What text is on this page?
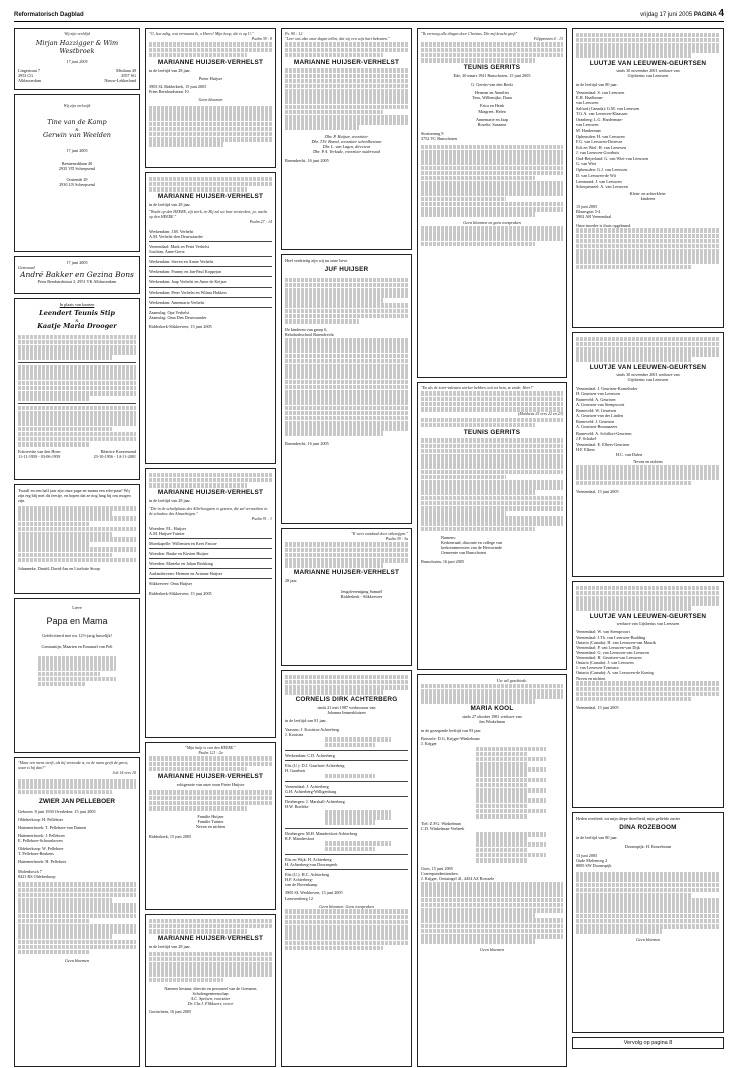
Reformatorisch Dagblad	vrijdag 17 juni 2005 PAGINA 4
Wij zijn verblijd
Mirjan Hazzigger & Wim Westbroek
17 juni 2005
Lingestraat 7
2953 CG
Alblasserdam
Mistlaan 49
2957 SG
Nieuw-Lekkerland
Wij zijn verloofd
Tine van de Kamp
&
Gerwin van Weelden
17 juni 2005
Remtenedtlaan 40
2935 VD Scheepsend
Oostende 29
2930 LN Scheepsend
17 juni 2005
Getrouwd
André Bakker en Gezina Bons
Prins Bernhardstraat 3, 2951 VK Alblasserdam
In plaats van kaarten
Leendert Teunis Stip
&
Kaatje Maria Drooger
Eckoevrtte van den Hoen
11-11-1950 - 03-06-1959
Béatrice Koezemond
23-10-1956 - 14-11-2001
Twaalf en een half jaar zijn onze papa en mama een echt-paar! Wij zijn erg blij met dit feestje, en hopen dat ze nog lang bij ons mogen zijn.
Johanneke, Daniël, David-Jan en Liselotte Stoop
Lieve
Papa en Mama
Gefeliciteerd met uw 12½-jarig huwelijk!
Constantijn, Maarten en Emanuel van Pelt
"Maar een mens sterft, als hij verzwakt is, en de mens geeft de geest; waar is hij dan?"
Job 14 vers 10
ZWIER JAN PELLEBOER
Geboren: 8 juni 1930 Overleden: 15 juni 2005
Oldeberkoop: H. Pelleboer
Hattemerbroek: T. Pelleboer-van Duinen
Hattemerbroek: J. Pelleboer
E. Pelleboer-Schoonhoven
Oldeberkoop: W. Pelleboer
T. Pelleboer-Beukens
Hattemerbroek: H. Pelleboer
Molenbosch 7
8421 RS Oldeberkoop
Geen bloemen
"O, hoe zalig, wat vernaamt ik, o Heere! Mijn hoop, die is op U."
Psalm 39 : 8
MARIANNE HUIJSER-VERHELST
in de leeftijd van 28 jaar.
Pieter Huijser
3903 SL Ridderkerk, 15 juni 2005
Prins Bernhardstraat 10
Geen bloemen
MARIANNE HUIJSER-VERHELST
in de leeftijd van 28 jaar.
"Wacht op den HEERE, zijt sterk, en Hij zal uw hart versterken; ja, wacht op den HEERE."
Psalm 27 : 14
Werkendam: J.M. Verhelst
A.M. Verhelst-den Deurwaarder
Veenendaal: Mark en Petra Verhelst
Joachim, Anne-Gerie
Werkendam: Steven en Annie Verhelst
Werkendam: Franny en Jan-Paul Koppejan
Werkendam: Jaap Verhelst en Anne de Keijzer
Werkendam: Peter Verhelst en Wilma Hakkers
Werkendam: Annemarie Verhelst
Zaamslag: Opa Verhelst
Zaamslag: Oma Den Deurwaarder
Ridderkerk-Slikkerveer, 15 juni 2005
MARIANNE HUIJSER-VERHELST
in de leeftijd van 28 jaar.
"Die in de schuilplaats des Allerhoogsten is gezeten, die zal vernachten in de schaduw des Almachtigen."
Psalm 91 : 1
Woerden: P.L. Huijser
A.M. Huijser-Tuinier
Moerkapelle: Willemien en Kees Fassoe
Woerden: Bauke en Kirsten Huijser
Woerden: Marieke en Johan Brokking
Aarlanderveen: Hermen en Arianne Huijser
Slikkerveer: Oma Huijser
Ridderkerk-Slikkerveer, 15 juni 2005
"Mijn hulp is van den HEERE."
Psalm 121 : 2a
MARIANNE HUIJSER-VERHELST
echtgenote van onze zoon Pieter Huijser
Familie Huijser
Familie Tuinier
Neven en nichten
Ridderkerk, 15 juni 2005
MARIANNE HUIJSER-VERHELST
in de leeftijd van 28 jaar.
Namens bestuur, directie en personeel van de Gomarus Scholengemeenschap
A.C. Spelsen, voorzitter
Dr. Chr.J. Flikkwert, rector
Gorinchem, 16 juni 2005
Ps. 90 : 12
"Leer ons alzo onze dagen tellen, dat wij een wijs hart bekomen."
MARIANNE HUIJSER-VERHELST
Dhr. P. Huijser, voorzitter
Dhr. T.W. Brand, voorzitter schoolbestuur
Dhr. L. van Lagen, directeur
Dhr. P.A. Verkade, voorzitter ouderraad
Barendrecht, 16 juni 2005
Heel verdrietig zijn wij nu onze lieve
JUF HUIJSER
De kinderen van groep 6,
Rehobothschool Barendrecht
Barendrecht, 16 juni 2005
"K weet vandaad door stilzwijgen."
Psalm 39 : 3a
MARIANNE HUIJSER-VERHELST
28 jaar.
Jeugdvereniging Samuël
Ridderkerk - Slikkerveer
CORNELIS DIRK ACHTERBERG
sinds 21 mei 1987 weduwnaar van
Johanna Immerkluizen
in de leeftijd van 81 jaar.
Vaassen: J. Kooistra-Achterberg
J. Kooistra
Werkendam: C.D. Achterberg
Elst (U.): D.J. Gaarlsen-Achterberg
H. Gaarlsen
Veenendaal: J. Achterberg
G.H. Achterberg-Willigenburg
Driebergen: J. Marshall-Achterberg
H.W. Boeleke
Driebergen: M.H. Mandersloot-Achterberg
R.F. Mandersloot
Elst en Wijk: H. Achterberg
H. Achterberg-van Doornspeek
Elst (U.): H.C. Achterberg
H.P. Achterberg-
van de Bovenkamp
3905 SL Werkhoven, 13 juni 2005
Leeuwenberg 12
Geen bloemen. Geen toespraken
"Ik vernoeg alle dingen door Christus, Die mij kracht geeft"
Filippenzen 4 : 13
TEUNIS GERRITS
Ede, 30 maart 1941 Bunschoten, 15 juni 2005
G. Gerrits-van den Berkt
Herman en Annelies
Teus, Willemijke, Daan
Erica en Henk
Margreet, Helen
Annemarie en Jaap
Roselie, Susanne
Struisenrug 9
3752 VC Bunschoten
Geen bloemen en geen toespraken
"En als de tover-talenten sterker hebben ooit tot hem, ze zeide: Heer!"
(Mattheüs 25 vers 22 en 23)
TEUNIS GERRITS
Namens:
Kerkenraad, diaconie en college van
kerkrentmeesters van de Hervormde
Gemeente van Bunschoten
Bunschoten, 16 juni 2005
Uw wil geschiede.
MARIA KOOL
sinds 27 oktober 1981 weduwe van
Jan Winkelman
in de gezegende leeftijd van 93 jaar.
Borssele: D.G. Krijger-Winkelman
J. Krijger
Tiel: Z.P.G. Winkelman
C.D. Winkelman-Verbeek
Goes, 15 juni 2005
Correspondentieadres:
J. Krijger, Oostsingel 41, 4454 AZ Borssele
Geen bloemen
LUUTJE VAN LEEUWEN-GEURTSEN
sinds 30 november 2001 weduwe van
Gijsbertus van Leeuwen
in de leeftijd van 80 jaar.
Veenendaal: S. van Leeuwen
E.H. Haalboom-
van Leeuwen
Salford (Canada): G.M. van Leeuwen
T.G.A. van Leeuwen-Klaassen
Oranberg: L.G. Harderman-
van Leeuwen
M. Harderman
Opheusden: H. van Leeuwen
F.G. van Leeuwen-Drieesse
Eck en Wiel: H. van Leeuwen
J. van Leeuwen-Goorhuis
Oud-Beijerland: G. van Wiet-van Leeuwen
G. van Wiet
Opheusden: G.J. van Leeuwen
D. van Leeuwen-de Wit
Lemmond: J. van Leeuwen
Scherpenzeel: A. van Leeuwen
Klein- en achterklein-
kinderen
15 juni 2005
Blaarsgras 5-4
3902 AB Veenendaal
Onze moeder is thuis opgebaard.
LUUTJE VAN LEEUWEN-GEURTSEN
sinds 30 november 2001 weduwe van
Gijsbertus van Leeuwen
Veenendaal: J. Geurtsen-Kornelisder
H. Geurtsen-van Leeuwen
Barneveld: A. Geurtsen
A. Geurtsen-van Stempvoort
Barneveld: W. Geurtsen
A. Geurtsen-van der Linden
Barneveld: J. Geurtsen
A. Geurtsen-Bonnaazeer
Barneveld: A. Schilfort-Geurtsen
J.F. Schakel
Veenendaal: E. Elbers-Geurtsen
H.F. Elbers
H.C. van Dalen
Neven en nichten
Veenendaal, 15 juni 2005
LUUTJE VAN LEEUWEN-GEURTSEN
weduwe van Gijsbertus van Leeuwen
Veenendaal: W. van Stempvoort
Veenendaal: J.Th. van Leeuwen-Budding
Ontario (Canada): H. van Leeuwen-van Mourik
Veenendaal: P. van Leeuwen-van Dijk
Veenendaal: G. van Leeuwen-van Leeuwen
Veenendaal: H. Geurtsen-van Leeuwen
Ontario (Canada): J. van Leeuwen
J. van Leeuwen-Tramstra
Ontario (Canada): A. van Leeuwen-de Koning
Neven en nichten
Veenendaal, 15 juni 2005
Heden overleed, tot mijn diepe droefheid, mijn geliefde zuster
DINA ROZEBOOM
in de leeftijd van 80 jaar.
Doornspijk: H. Roozeboom
13 juni 2005
Oude Molenweg 2
8085 SW Doornspijk
Geen bloemen
Vervolg op pagina 8
